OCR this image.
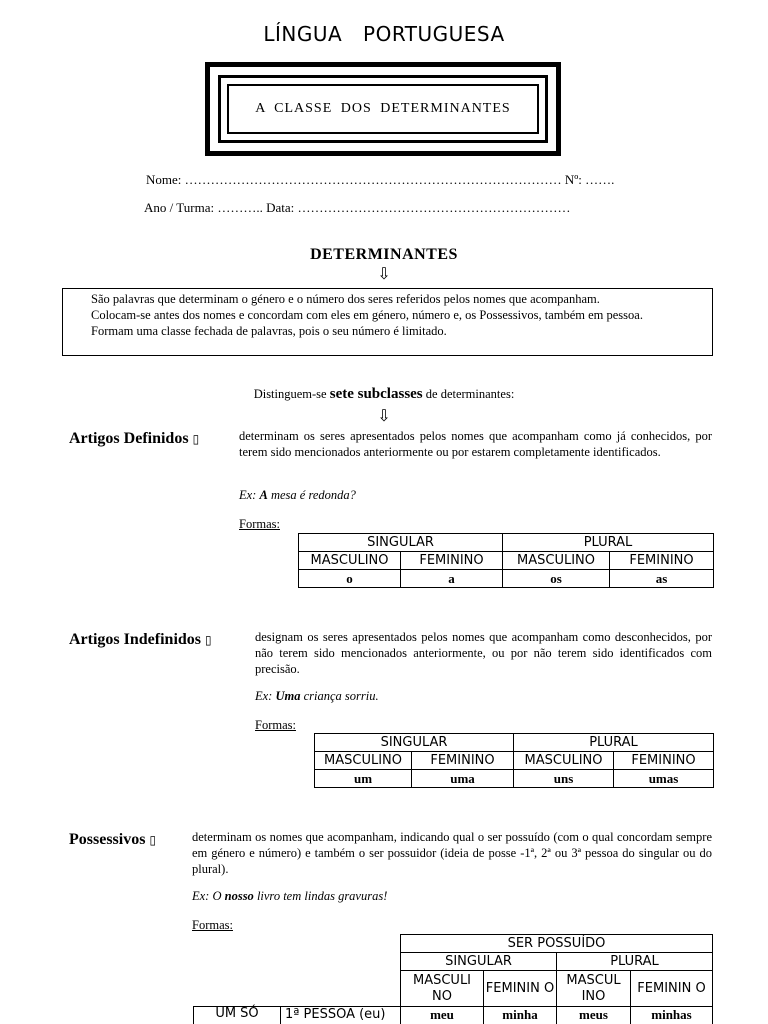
LÍNGUA PORTUGUESA
A CLASSE DOS DETERMINANTES
Nome: …………………………………………………………………………… Nº: …….
Ano / Turma: ……….. Data: ………………………………………………………
DETERMINANTES
⇩

São palavras que determinam o género e o número dos seres referidos pelos nomes que acompanham.

Colocam-se antes dos nomes e concordam com eles em género, número e, os Possessivos, também em pessoa.

Formam uma classe fechada de palavras, pois o seu número é limitado.

Distinguem-se sete subclasses de determinantes:
⇩
Artigos Definidos ▯	determinam os seres apresentados pelos nomes que acompanham como já conhecidos, por terem sido mencionados anteriormente ou por estarem completamente identificados.
Ex: A mesa é redonda?
Formas:
SINGULAR		PLURAL	
MASCULINO	FEMININO	MASCULINO	FEMININO
o	a	os	as
Artigos Indefinidos ▯	designam os seres apresentados pelos nomes que acompanham como desconhecidos, por não terem sido mencionados anteriormente, ou por não terem sido identificados com precisão.
Ex: Uma criança sorriu.
Formas:
SINGULAR		PLURAL	
MASCULINO	FEMININO	MASCULINO	FEMININO
um	uma	uns	umas
Possessivos ▯	determinam os nomes que acompanham, indicando qual o ser possuído (com o qual concordam sempre em género e número) e também o ser possuidor (ideia de posse -1ª, 2ª ou 3ª pessoa do singular ou do plural).
Ex: O nosso livro tem lindas gravuras!
Formas:
		SER POSSUÍDO			
		SINGULAR		PLURAL	
		MASCULI NO	FEMININ O	MASCUL INO	FEMININ O
UM SÓ	1ª PESSOA (eu)	meu	minha	meus	minhas
